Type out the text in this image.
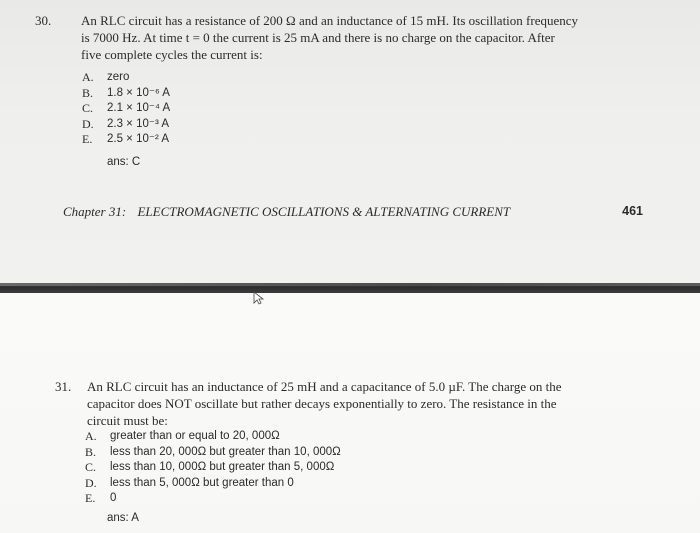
30. An RLC circuit has a resistance of 200 Ω and an inductance of 15 mH. Its oscillation frequency
is 7000 Hz. At time t = 0 the current is 25 mA and there is no charge on the capacitor. After
five complete cycles the current is:
A. zero
B. 1.8 × 10⁻⁶ A
C. 2.1 × 10⁻⁴ A
D. 2.3 × 10⁻³ A
E. 2.5 × 10⁻² A
ans: C
Chapter 31: ELECTROMAGNETIC OSCILLATIONS & ALTERNATING CURRENT	461
31. An RLC circuit has an inductance of 25 mH and a capacitance of 5.0 µF. The charge on the
capacitor does NOT oscillate but rather decays exponentially to zero. The resistance in the
circuit must be:
A. greater than or equal to 20, 000Ω
B. less than 20, 000Ω but greater than 10, 000Ω
C. less than 10, 000Ω but greater than 5, 000Ω
D. less than 5, 000Ω but greater than 0
E. 0
ans: A
